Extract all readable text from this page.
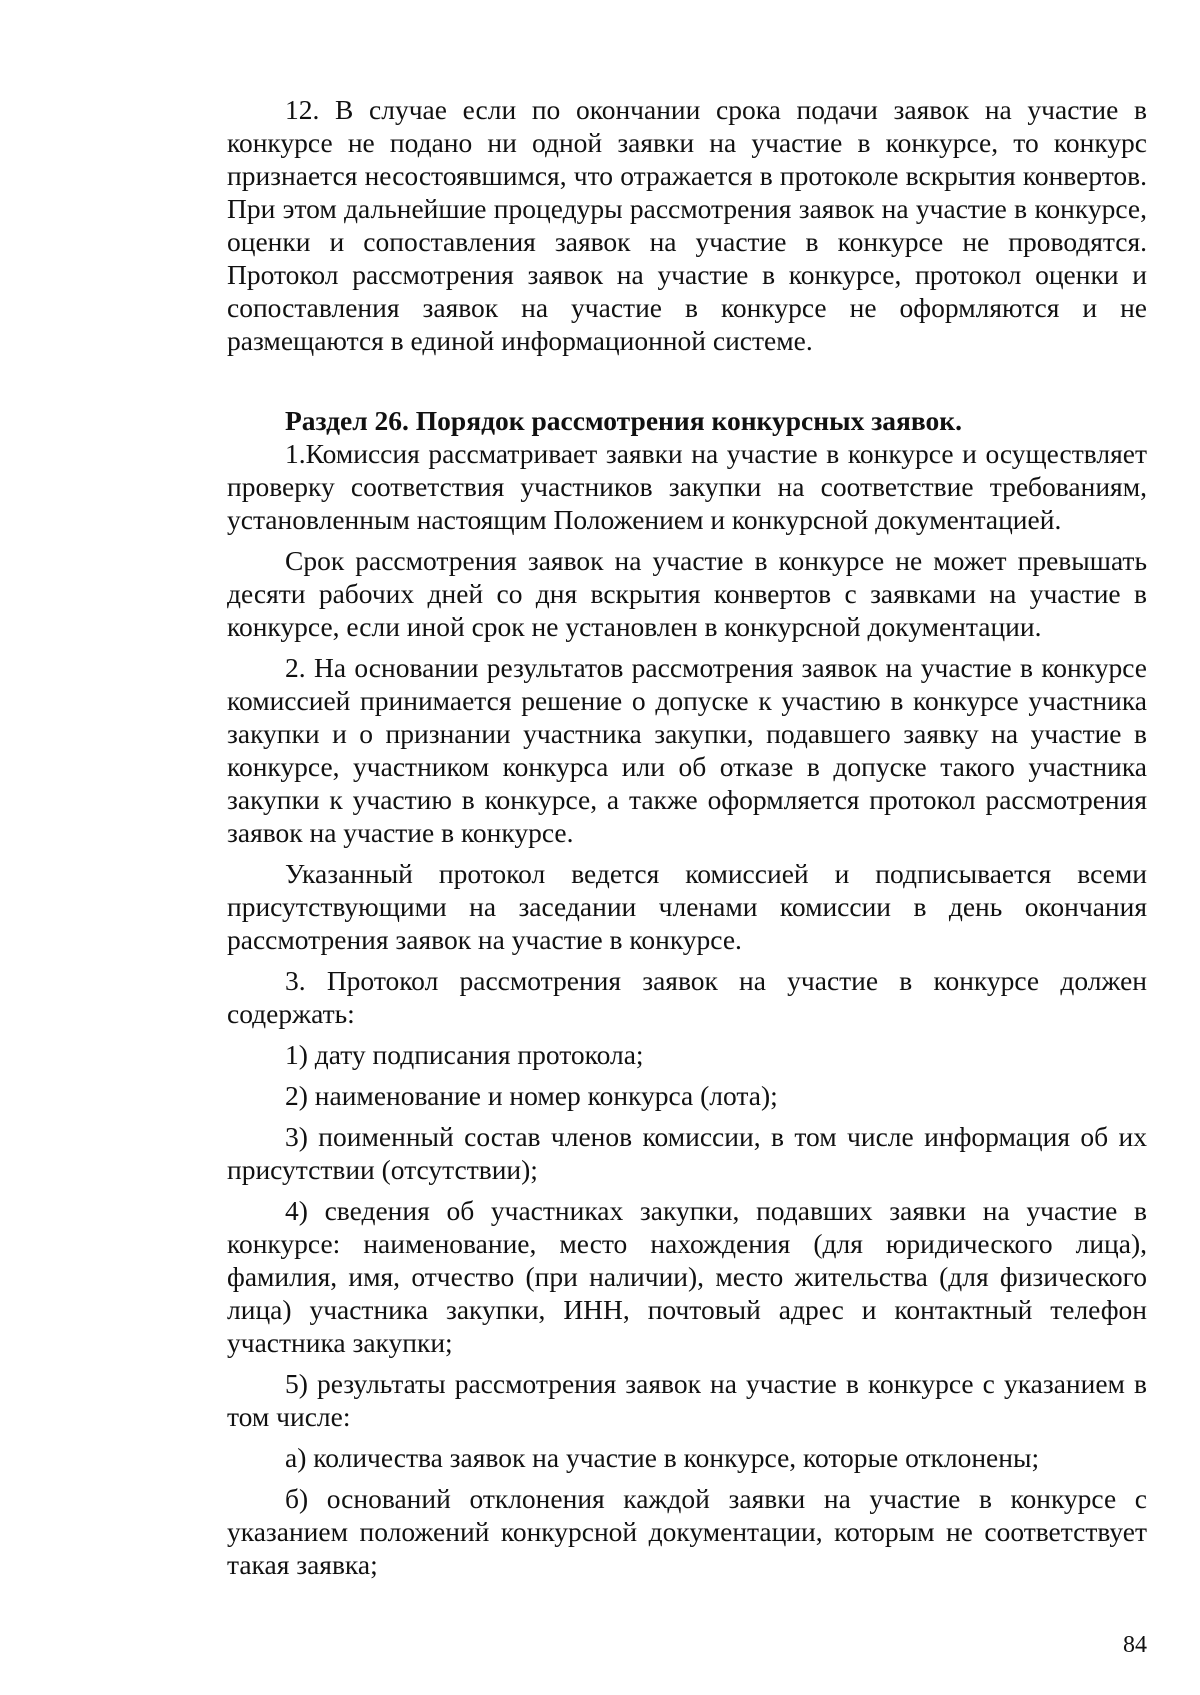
12. В случае если по окончании срока подачи заявок на участие в конкурсе не подано ни одной заявки на участие в конкурсе, то конкурс признается несостоявшимся, что отражается в протоколе вскрытия конвертов. При этом дальнейшие процедуры рассмотрения заявок на участие в конкурсе, оценки и сопоставления заявок на участие в конкурсе не проводятся. Протокол рассмотрения заявок на участие в конкурсе, протокол оценки и сопоставления заявок на участие в конкурсе не оформляются и не размещаются в единой информационной системе.

Раздел 26. Порядок рассмотрения конкурсных заявок.

1.Комиссия рассматривает заявки на участие в конкурсе и осуществляет проверку соответствия участников закупки на соответствие требованиям, установленным настоящим Положением и конкурсной документацией.

Срок рассмотрения заявок на участие в конкурсе не может превышать десяти рабочих дней со дня вскрытия конвертов с заявками на участие в конкурсе, если иной срок не установлен в конкурсной документации.

2. На основании результатов рассмотрения заявок на участие в конкурсе комиссией принимается решение о допуске к участию в конкурсе участника закупки и о признании участника закупки, подавшего заявку на участие в конкурсе, участником конкурса или об отказе в допуске такого участника закупки к участию в конкурсе, а также оформляется протокол рассмотрения заявок на участие в конкурсе.

Указанный протокол ведется комиссией и подписывается всеми присутствующими на заседании членами комиссии в день окончания рассмотрения заявок на участие в конкурсе.

3. Протокол рассмотрения заявок на участие в конкурсе должен содержать:

1) дату подписания протокола;

2) наименование и номер конкурса (лота);

3) поименный состав членов комиссии, в том числе информация об их присутствии (отсутствии);

4) сведения об участниках закупки, подавших заявки на участие в конкурсе: наименование, место нахождения (для юридического лица), фамилия, имя, отчество (при наличии), место жительства (для физического лица) участника закупки, ИНН, почтовый адрес и контактный телефон участника закупки;

5) результаты рассмотрения заявок на участие в конкурсе с указанием в том числе:

а) количества заявок на участие в конкурсе, которые отклонены;

б) оснований отклонения каждой заявки на участие в конкурсе с указанием положений конкурсной документации, которым не соответствует такая заявка;

84
